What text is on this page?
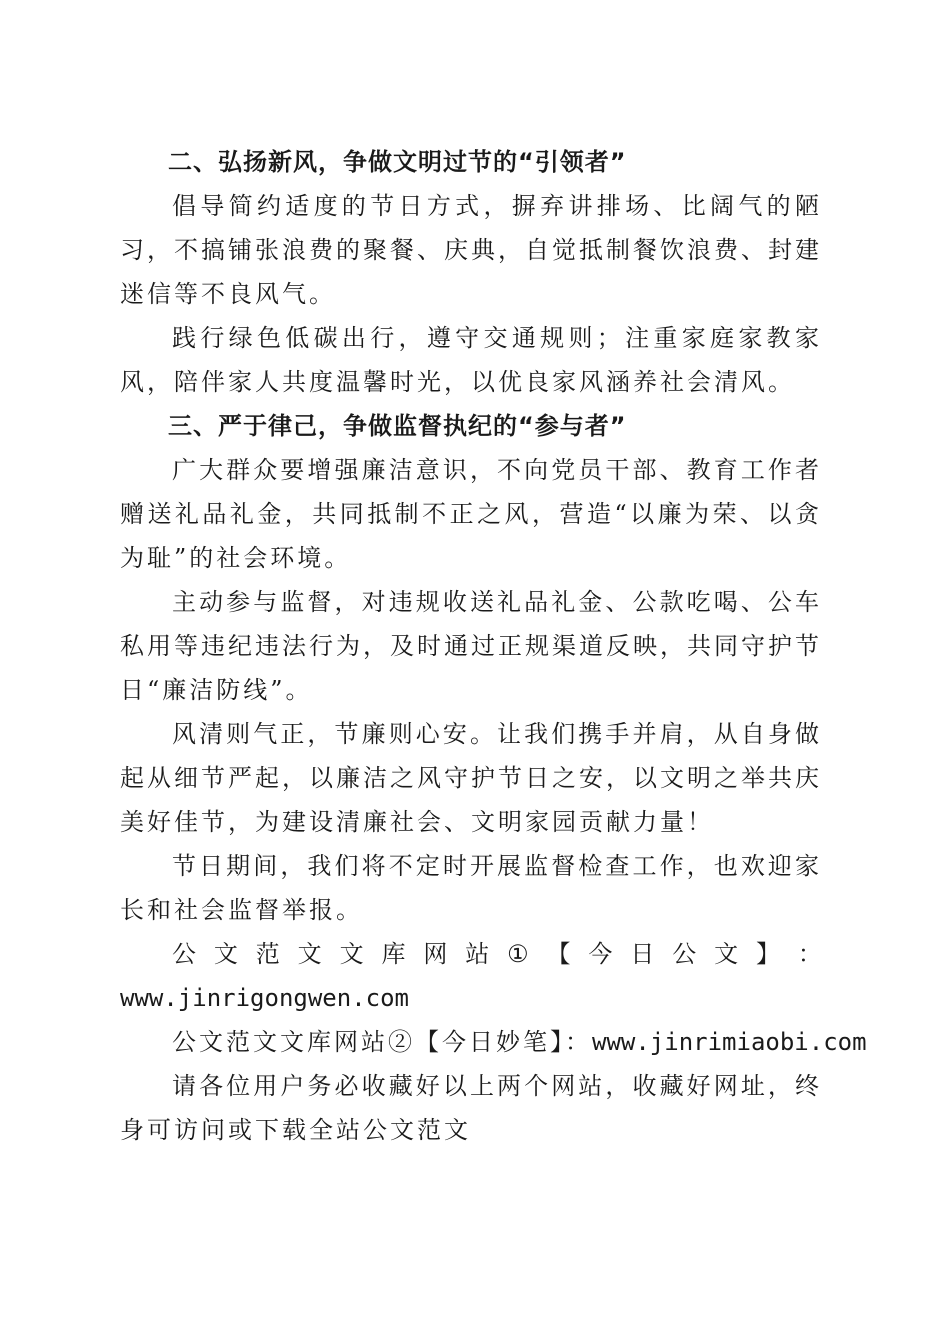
二、弘扬新风，争做文明过节的“引领者”

倡导简约适度的节日方式，摒弃讲排场、比阔气的陋习，不搞铺张浪费的聚餐、庆典，自觉抵制餐饮浪费、封建迷信等不良风气。

践行绿色低碳出行，遵守交通规则；注重家庭家教家风，陪伴家人共度温馨时光，以优良家风涵养社会清风。

三、严于律己，争做监督执纪的“参与者”

广大群众要增强廉洁意识，不向党员干部、教育工作者赠送礼品礼金，共同抵制不正之风，营造“以廉为荣、以贪为耻”的社会环境。

主动参与监督，对违规收送礼品礼金、公款吃喝、公车私用等违纪违法行为，及时通过正规渠道反映，共同守护节日“廉洁防线”。

风清则气正，节廉则心安。让我们携手并肩，从自身做起从细节严起，以廉洁之风守护节日之安，以文明之举共庆美好佳节，为建设清廉社会、文明家园贡献力量！

节日期间，我们将不定时开展监督检查工作，也欢迎家长和社会监督举报。

公 文 范 文 文 库 网 站 ① 【 今 日 公 文 】 ：

www.jinrigongwen.com

公文范文文库网站②【今日妙笔】：www.jinrimiaobi.com

请各位用户务必收藏好以上两个网站，收藏好网址，终身可访问或下载全站公文范文
